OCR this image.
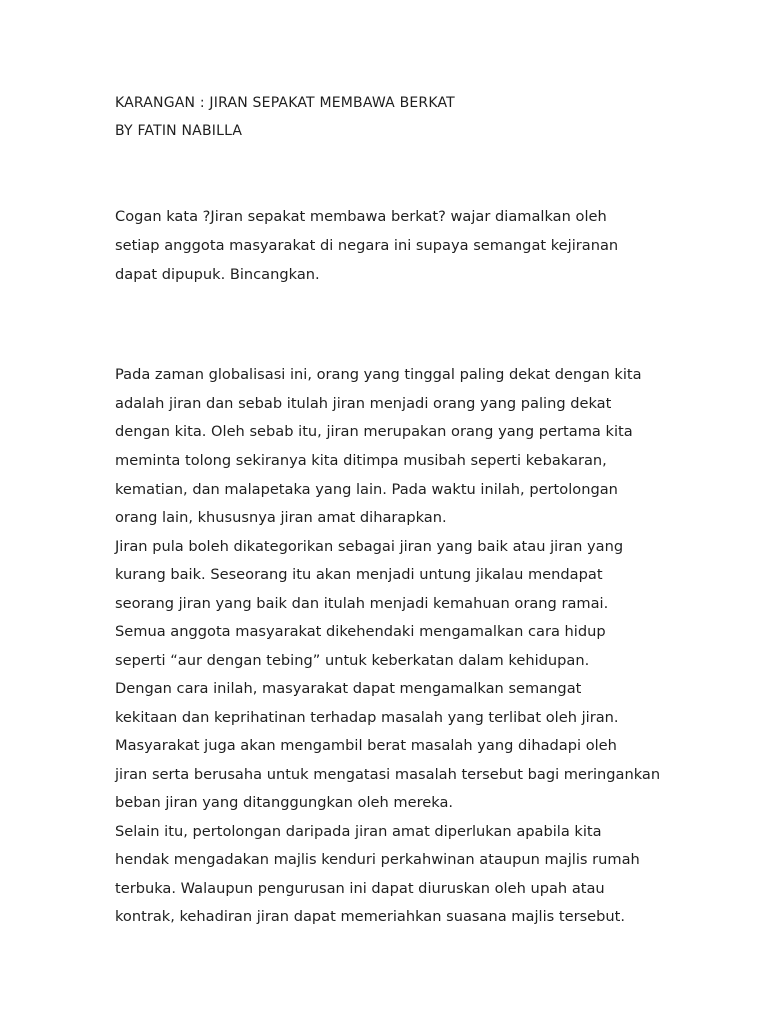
KARANGAN : JIRAN SEPAKAT MEMBAWA BERKAT
BY FATIN NABILLA
Cogan kata ?Jiran sepakat membawa berkat? wajar diamalkan oleh
setiap anggota masyarakat di negara ini supaya semangat kejiranan
dapat dipupuk. Bincangkan.
Pada zaman globalisasi ini, orang yang tinggal paling dekat dengan kita
adalah jiran dan sebab itulah jiran menjadi orang yang paling dekat
dengan kita. Oleh sebab itu, jiran merupakan orang yang pertama kita
meminta tolong sekiranya kita ditimpa musibah seperti kebakaran,
kematian, dan malapetaka yang lain. Pada waktu inilah, pertolongan
orang lain, khususnya jiran amat diharapkan.
Jiran pula boleh dikategorikan sebagai jiran yang baik atau jiran yang
kurang baik. Seseorang itu akan menjadi untung jikalau mendapat
seorang jiran yang baik dan itulah menjadi kemahuan orang ramai.
Semua anggota masyarakat dikehendaki mengamalkan cara hidup
seperti “aur dengan tebing” untuk keberkatan dalam kehidupan.
Dengan cara inilah, masyarakat dapat mengamalkan semangat
kekitaan dan keprihatinan terhadap masalah yang terlibat oleh jiran.
Masyarakat juga akan mengambil berat masalah yang dihadapi oleh
jiran serta berusaha untuk mengatasi masalah tersebut bagi meringankan
beban jiran yang ditanggungkan oleh mereka.
Selain itu, pertolongan daripada jiran amat diperlukan apabila kita
hendak mengadakan majlis kenduri perkahwinan ataupun majlis rumah
terbuka. Walaupun pengurusan ini dapat diuruskan oleh upah atau
kontrak, kehadiran jiran dapat memeriahkan suasana majlis tersebut.
